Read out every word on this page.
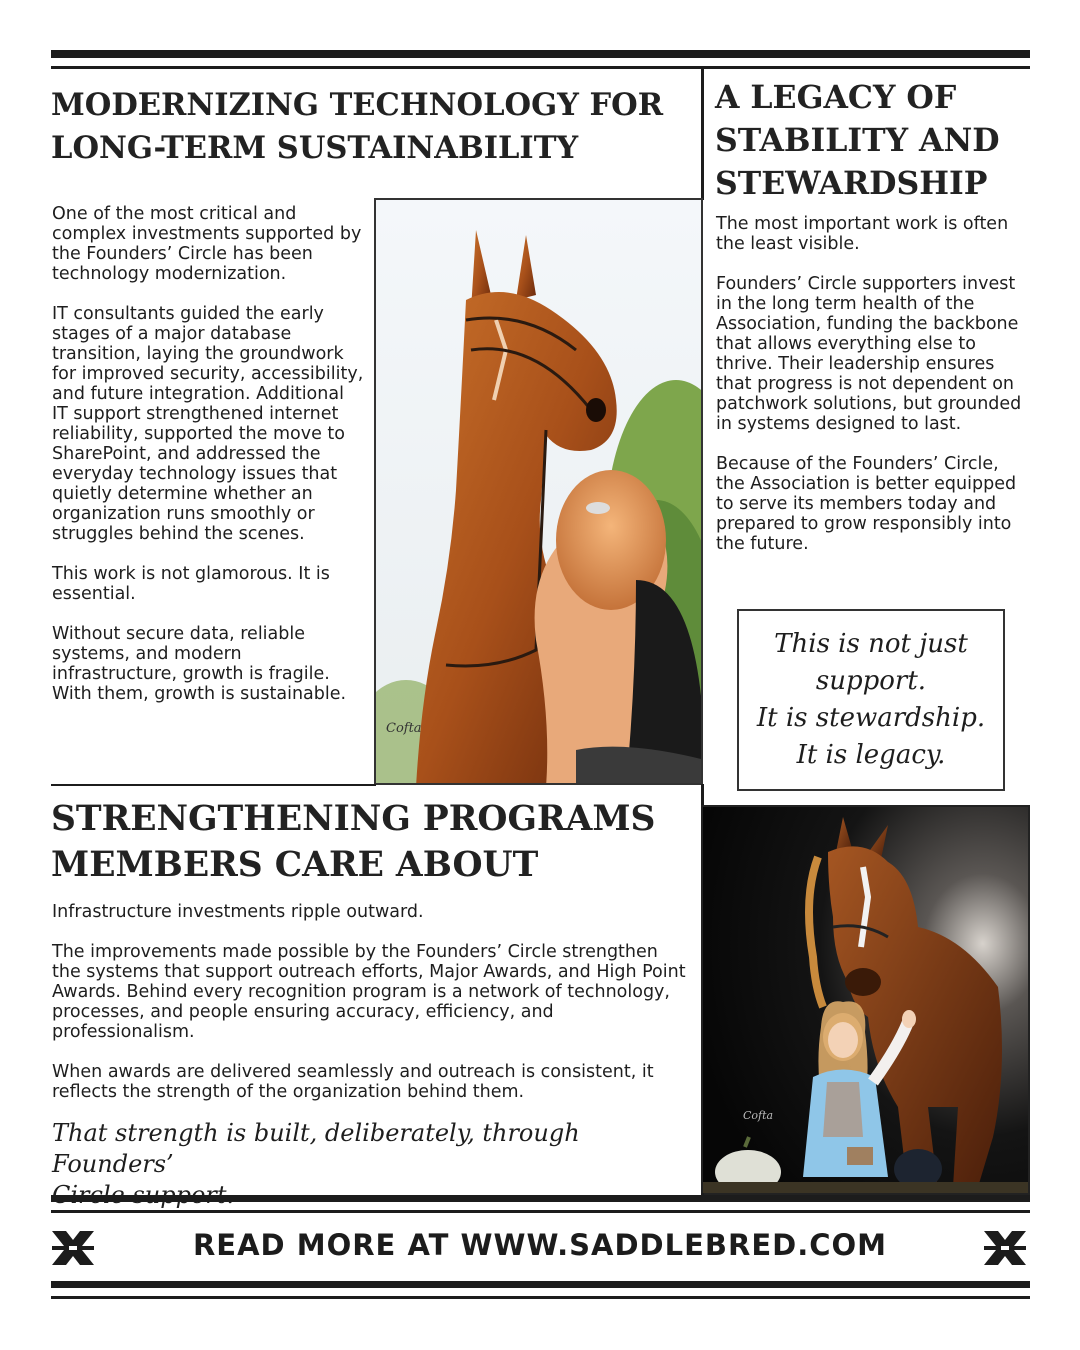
MODERNIZING TECHNOLOGY FOR
LONG-TERM SUSTAINABILITY

One of the most critical and complex investments supported by the Founders’ Circle has been technology modernization.

IT consultants guided the early stages of a major database transition, laying the groundwork for improved security, accessibility, and future integration. Additional IT support strengthened internet reliability, supported the move to SharePoint, and addressed the everyday technology issues that quietly determine whether an organization runs smoothly or struggles behind the scenes.

This work is not glamorous. It is essential.

Without secure data, reliable systems, and modern infrastructure, growth is fragile. With them, growth is sustainable.

Cofta
A LEGACY OF
STABILITY AND
STEWARDSHIP

The most important work is often the least visible.

Founders’ Circle supporters invest in the long term health of the Association, funding the backbone that allows everything else to thrive. Their leadership ensures that progress is not dependent on patchwork solutions, but grounded in systems designed to last.

Because of the Founders’ Circle, the Association is better equipped to serve its members today and prepared to grow responsibly into the future.

This is not just
support.
It is stewardship.
It is legacy.
STRENGTHENING PROGRAMS
MEMBERS CARE ABOUT

Infrastructure investments ripple outward.

The improvements made possible by the Founders’ Circle strengthen the systems that support outreach efforts, Major Awards, and High Point Awards. Behind every recognition program is a network of technology, processes, and people ensuring accuracy, efficiency, and professionalism.

When awards are delivered seamlessly and outreach is consistent, it reflects the strength of the organization behind them.

That strength is built, deliberately, through Founders’
Cofta
READ MORE AT WWW.SADDLEBRED.COM
